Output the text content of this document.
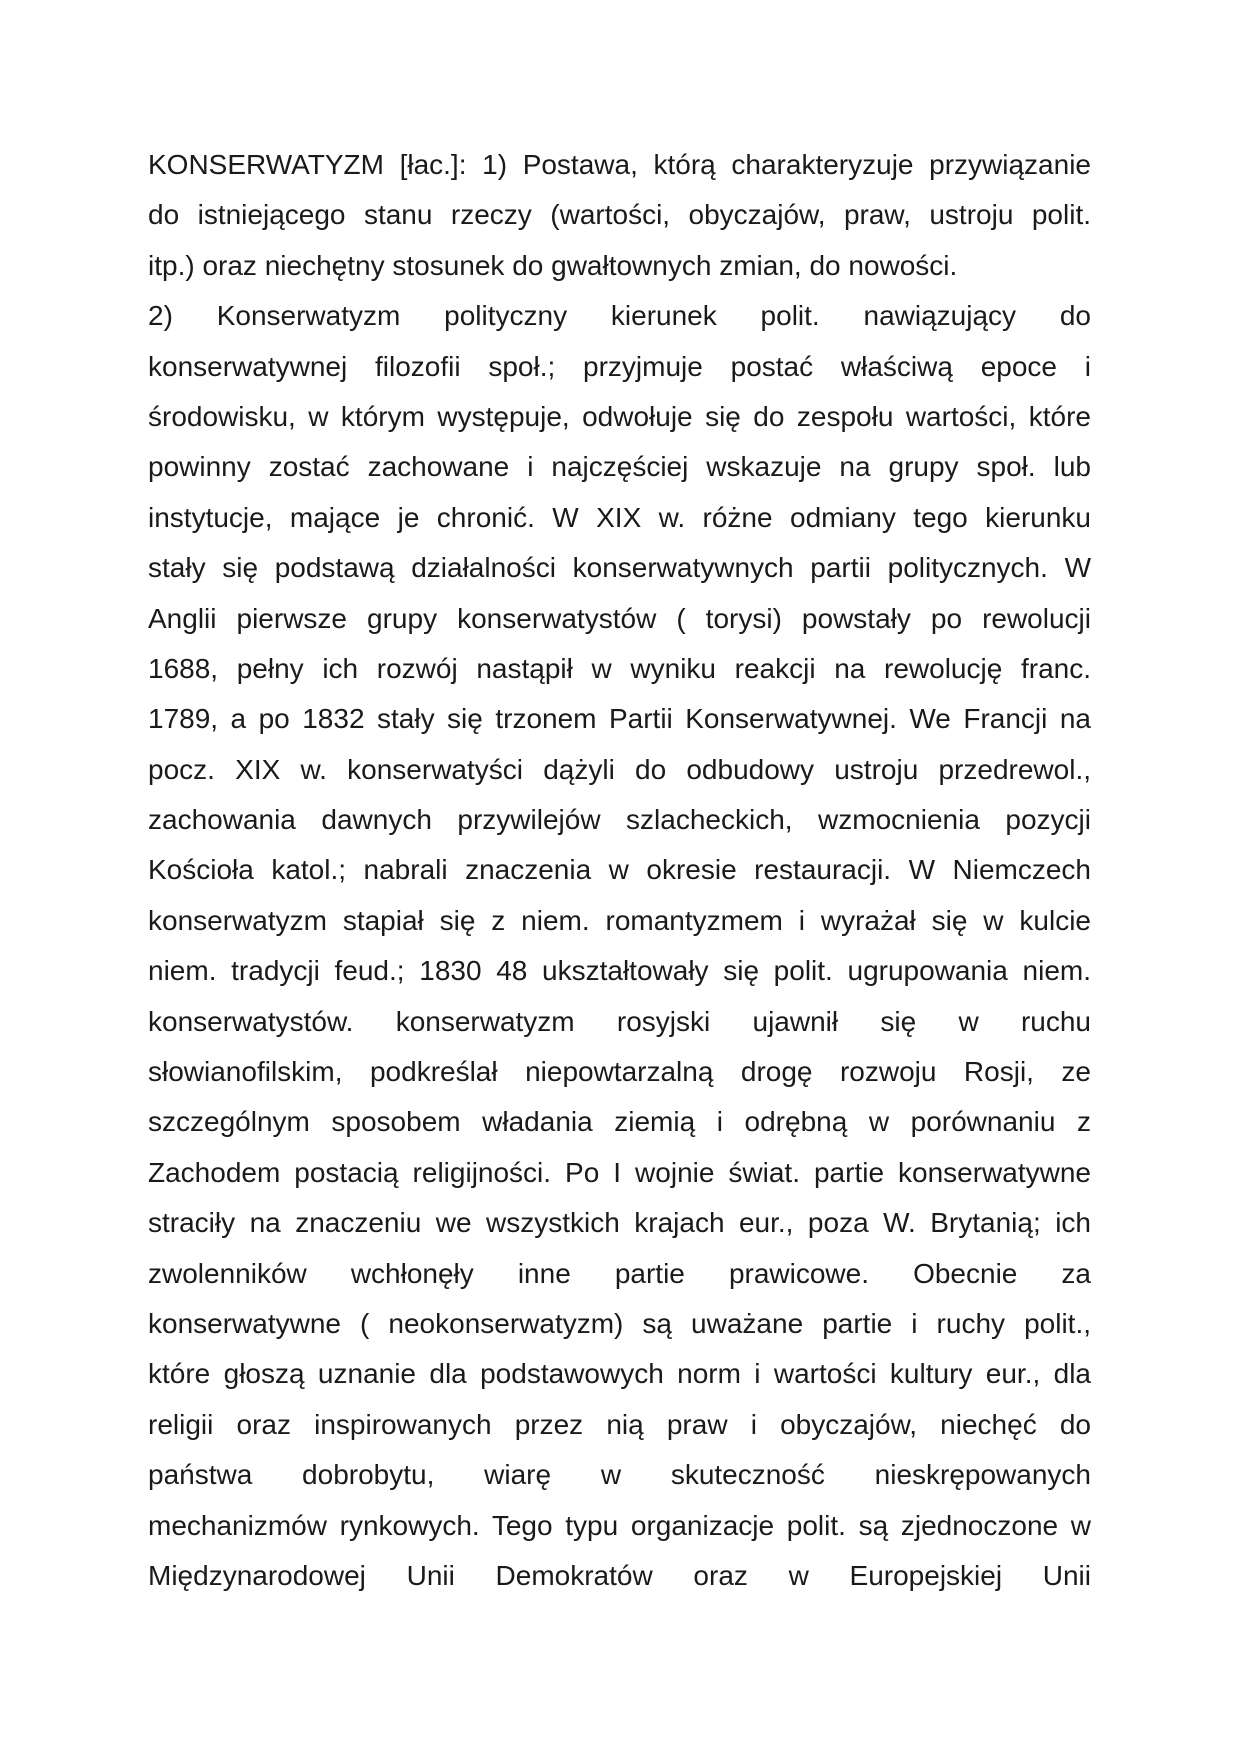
KONSERWATYZM [łac.]: 1) Postawa, którą charakteryzuje przywiązanie
do istniejącego stanu rzeczy (wartości, obyczajów, praw, ustroju polit.
itp.) oraz niechętny stosunek do gwałtownych zmian, do nowości.
2) Konserwatyzm polityczny kierunek polit. nawiązujący do
konserwatywnej filozofii społ.; przyjmuje postać właściwą epoce i
środowisku, w którym występuje, odwołuje się do zespołu wartości, które
powinny zostać zachowane i najczęściej wskazuje na grupy społ. lub
instytucje, mające je chronić. W XIX w. różne odmiany tego kierunku
stały się podstawą działalności konserwatywnych partii politycznych. W
Anglii pierwsze grupy konserwatystów ( torysi) powstały po rewolucji
1688, pełny ich rozwój nastąpił w wyniku reakcji na rewolucję franc.
1789, a po 1832 stały się trzonem Partii Konserwatywnej. We Francji na
pocz. XIX w. konserwatyści dążyli do odbudowy ustroju przedrewol.,
zachowania dawnych przywilejów szlacheckich, wzmocnienia pozycji
Kościoła katol.; nabrali znaczenia w okresie restauracji. W Niemczech
konserwatyzm stapiał się z niem. romantyzmem i wyrażał się w kulcie
niem. tradycji feud.; 1830 48 ukształtowały się polit. ugrupowania niem.
konserwatystów. konserwatyzm rosyjski ujawnił się w ruchu
słowianofilskim, podkreślał niepowtarzalną drogę rozwoju Rosji, ze
szczególnym sposobem władania ziemią i odrębną w porównaniu z
Zachodem postacią religijności. Po I wojnie świat. partie konserwatywne
straciły na znaczeniu we wszystkich krajach eur., poza W. Brytanią; ich
zwolenników wchłonęły inne partie prawicowe. Obecnie za
konserwatywne ( neokonserwatyzm) są uważane partie i ruchy polit.,
które głoszą uznanie dla podstawowych norm i wartości kultury eur., dla
religii oraz inspirowanych przez nią praw i obyczajów, niechęć do
państwa dobrobytu, wiarę w skuteczność nieskrępowanych
mechanizmów rynkowych. Tego typu organizacje polit. są zjednoczone w
Międzynarodowej Unii Demokratów oraz w Europejskiej Unii
